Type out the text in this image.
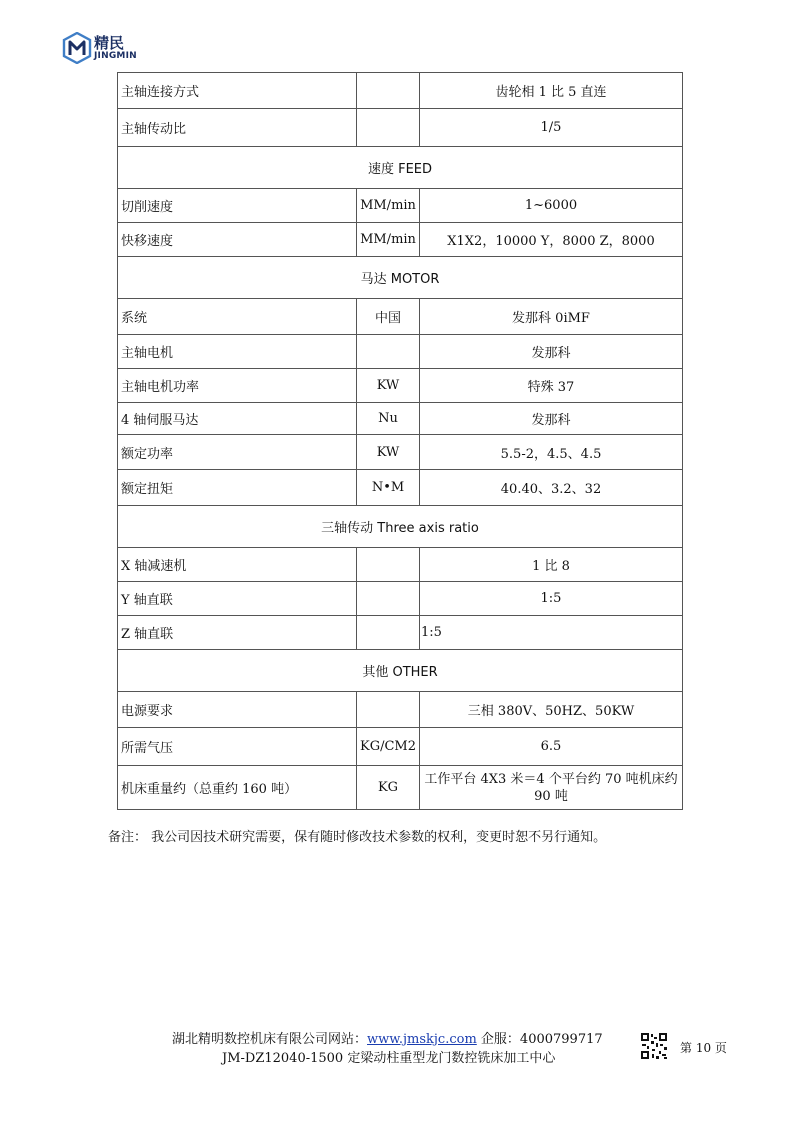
精民
JINGMIN
主轴连接方式		齿轮相 1 比 5 直连
主轴传动比		1/5
速度 FEED		
切削速度	MM/min	1~6000
快移速度	MM/min	X1X2，10000 Y，8000 Z，8000
马达 MOTOR		
系统	中国	发那科 0iMF
主轴电机		发那科
主轴电机功率	KW	特殊 37
4 轴伺服马达	Nu	发那科
额定功率	KW	5.5-2，4.5、4.5
额定扭矩	N•M	40.40、3.2、32
三轴传动 Three axis ratio		
X 轴减速机		1 比 8
Y 轴直联		1:5
Z 轴直联		1:5
其他 OTHER		
电源要求		三相 380V、50HZ、50KW
所需气压	KG/CM2	6.5
机床重量约（总重约 160 吨）	KG	工作平台 4X3 米＝4 个平台约 70 吨机床约 90 吨
备注： 我公司因技术研究需要，保有随时修改技术参数的权利，变更时恕不另行通知。
湖北精明数控机床有限公司网站：www.jmskjc.com 企服：4000799717
JM-DZ12040-1500 定梁动柱重型龙门数控铣床加工中心
第 10 页
